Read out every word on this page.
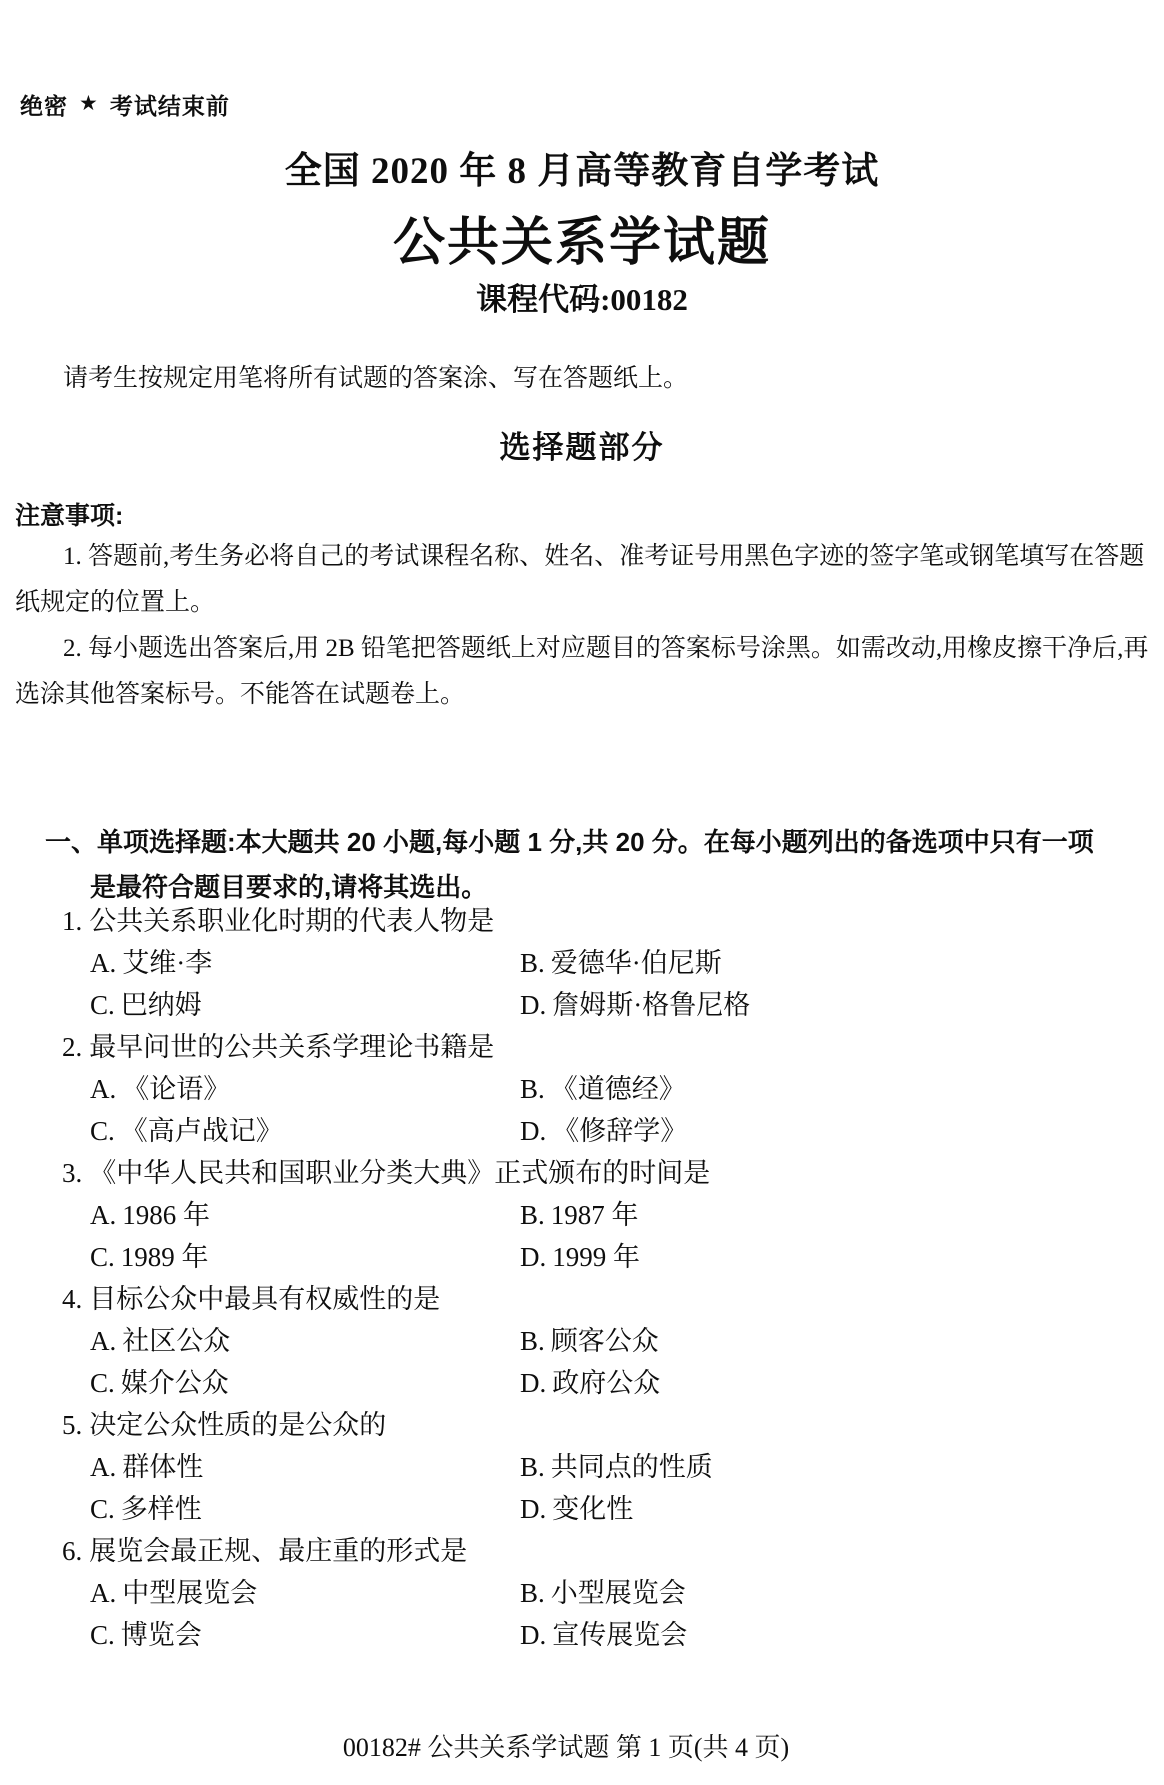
绝密 ★ 考试结束前
全国 2020 年 8 月高等教育自学考试
公共关系学试题
课程代码:00182

请考生按规定用笔将所有试题的答案涂、写在答题纸上。

选择题部分
注意事项:

1. 答题前,考生务必将自己的考试课程名称、姓名、准考证号用黑色字迹的签字笔或钢笔填写在答题纸规定的位置上。

2. 每小题选出答案后,用 2B 铅笔把答题纸上对应题目的答案标号涂黑。如需改动,用橡皮擦干净后,再选涂其他答案标号。不能答在试题卷上。

一、单项选择题:本大题共 20 小题,每小题 1 分,共 20 分。在每小题列出的备选项中只有一项是最符合题目要求的,请将其选出。

1. 公共关系职业化时期的代表人物是
A. 艾维·李	B. 爱德华·伯尼斯
C. 巴纳姆	D. 詹姆斯·格鲁尼格
2. 最早问世的公共关系学理论书籍是
A. 《论语》	B. 《道德经》
C. 《高卢战记》	D. 《修辞学》
3. 《中华人民共和国职业分类大典》正式颁布的时间是
A. 1986 年	B. 1987 年
C. 1989 年	D. 1999 年
4. 目标公众中最具有权威性的是
A. 社区公众	B. 顾客公众
C. 媒介公众	D. 政府公众
5. 决定公众性质的是公众的
A. 群体性	B. 共同点的性质
C. 多样性	D. 变化性
6. 展览会最正规、最庄重的形式是
A. 中型展览会	B. 小型展览会
C. 博览会	D. 宣传展览会
00182# 公共关系学试题 第 1 页(共 4 页)
